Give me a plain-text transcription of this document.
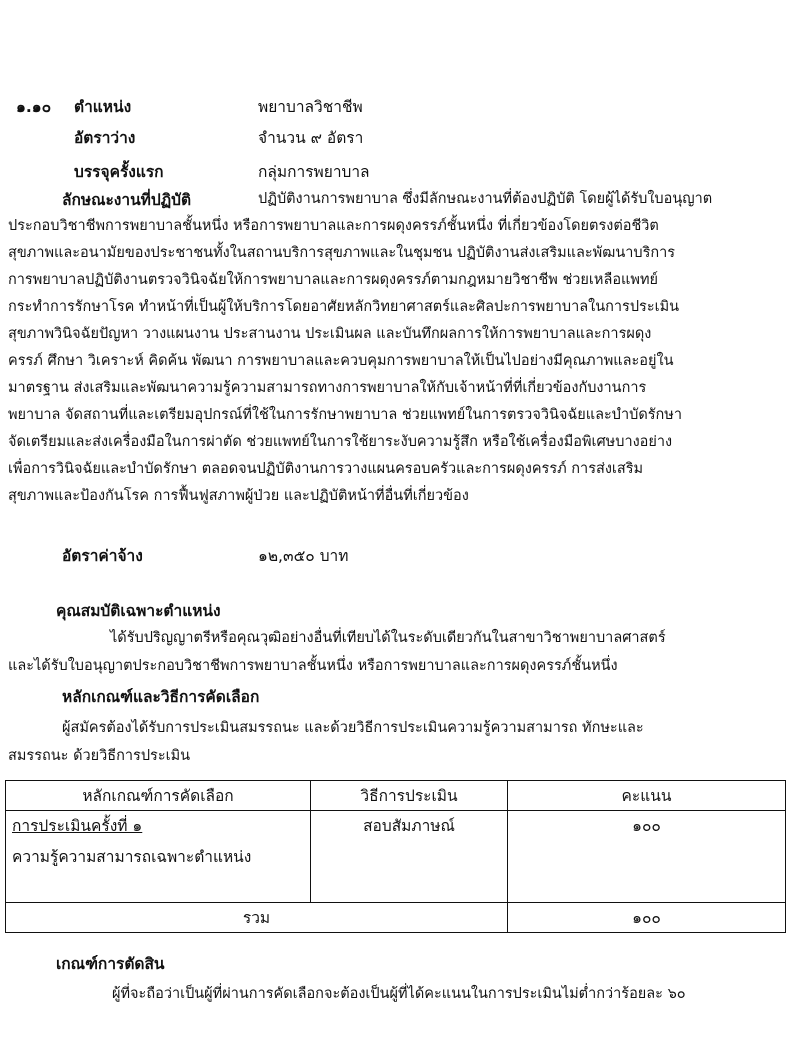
๑.๑๐ ตำแหน่ง	พยาบาลวิชาชีพ
อัตราว่าง	จำนวน ๙ อัตรา
บรรจุครั้งแรก	กลุ่มการพยาบาล
ลักษณะงานที่ปฏิบัติ	ปฏิบัติงานการพยาบาล ซึ่งมีลักษณะงานที่ต้องปฏิบัติ โดยผู้ได้รับใบอนุญาต
ประกอบวิชาชีพการพยาบาลชั้นหนึ่ง หรือการพยาบาลและการผดุงครรภ์ชั้นหนึ่ง ที่เกี่ยวข้องโดยตรงต่อชีวิต
สุขภาพและอนามัยของประชาชนทั้งในสถานบริการสุขภาพและในชุมชน ปฏิบัติงานส่งเสริมและพัฒนาบริการ
การพยาบาลปฏิบัติงานตรวจวินิจฉัยให้การพยาบาลและการผดุงครรภ์ตามกฎหมายวิชาชีพ ช่วยเหลือแพทย์
กระทำการรักษาโรค ทำหน้าที่เป็นผู้ให้บริการโดยอาศัยหลักวิทยาศาสตร์และศิลปะการพยาบาลในการประเมิน
สุขภาพวินิจฉัยปัญหา วางแผนงาน ประสานงาน ประเมินผล และบันทึกผลการให้การพยาบาลและการผดุง
ครรภ์ ศึกษา วิเคราะห์ คิดค้น พัฒนา การพยาบาลและควบคุมการพยาบาลให้เป็นไปอย่างมีคุณภาพและอยู่ใน
มาตรฐาน ส่งเสริมและพัฒนาความรู้ความสามารถทางการพยาบาลให้กับเจ้าหน้าที่ที่เกี่ยวข้องกับงานการ
พยาบาล จัดสถานที่และเตรียมอุปกรณ์ที่ใช้ในการรักษาพยาบาล ช่วยแพทย์ในการตรวจวินิจฉัยและบำบัดรักษา
จัดเตรียมและส่งเครื่องมือในการผ่าตัด ช่วยแพทย์ในการใช้ยาระงับความรู้สึก หรือใช้เครื่องมือพิเศษบางอย่าง
เพื่อการวินิจฉัยและบำบัดรักษา ตลอดจนปฏิบัติงานการวางแผนครอบครัวและการผดุงครรภ์ การส่งเสริม
สุขภาพและป้องกันโรค การฟื้นฟูสภาพผู้ป่วย และปฏิบัติหน้าที่อื่นที่เกี่ยวข้อง
อัตราค่าจ้าง	๑๒,๓๕๐ บาท
คุณสมบัติเฉพาะตำแหน่ง
ได้รับปริญญาตรีหรือคุณวุฒิอย่างอื่นที่เทียบได้ในระดับเดียวกันในสาขาวิชาพยาบาลศาสตร์
และได้รับใบอนุญาตประกอบวิชาชีพการพยาบาลชั้นหนึ่ง หรือการพยาบาลและการผดุงครรภ์ชั้นหนึ่ง
หลักเกณฑ์และวิธีการคัดเลือก
ผู้สมัครต้องได้รับการประเมินสมรรถนะ และด้วยวิธีการประเมินความรู้ความสามารถ ทักษะและ
สมรรถนะ ด้วยวิธีการประเมิน
หลักเกณฑ์การคัดเลือก	วิธีการประเมิน	คะแนน

การประเมินครั้งที่ ๑
ความรู้ความสามารถเฉพาะตำแหน่ง	สอบสัมภาษณ์	๑๐๐
รวม		๑๐๐
เกณฑ์การตัดสิน
ผู้ที่จะถือว่าเป็นผู้ที่ผ่านการคัดเลือกจะต้องเป็นผู้ที่ได้คะแนนในการประเมินไม่ต่ำกว่าร้อยละ ๖๐
